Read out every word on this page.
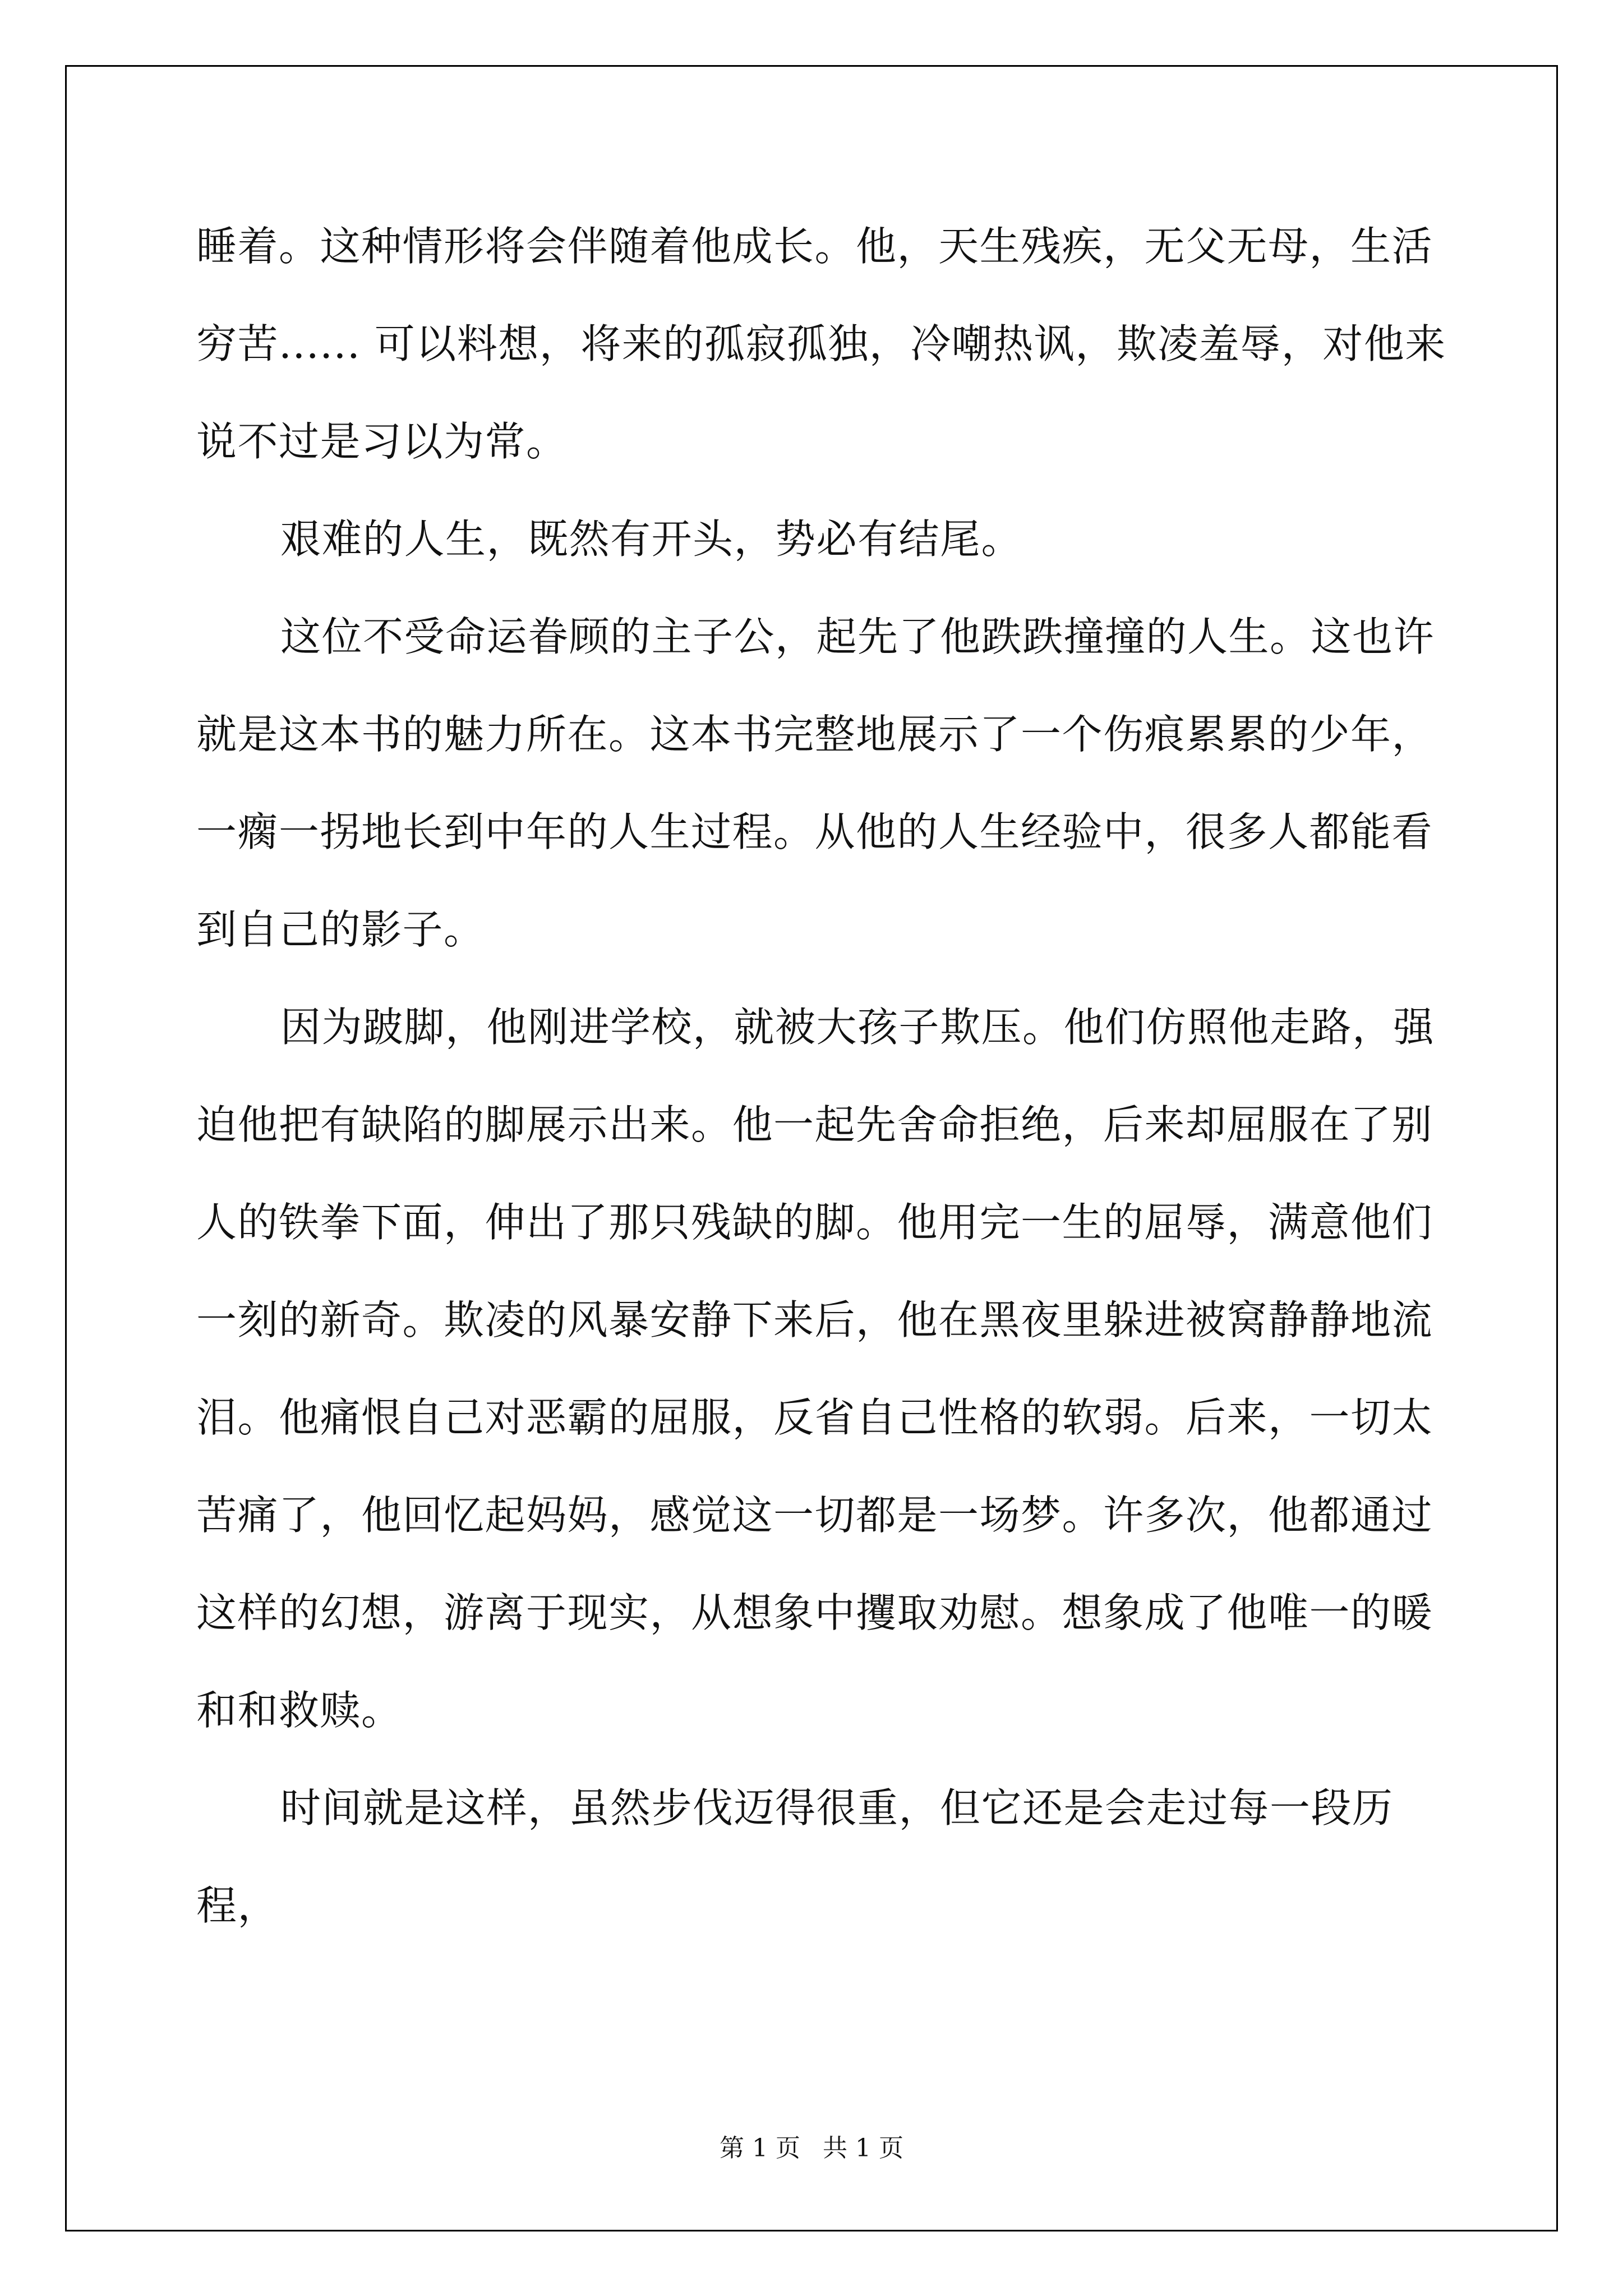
睡着。这种情形将会伴随着他成长。他，天生残疾，无父无母，生活穷苦...... 可以料想，将来的孤寂孤独，冷嘲热讽，欺凌羞辱，对他来说不过是习以为常。

艰难的人生，既然有开头，势必有结尾。

这位不受命运眷顾的主子公，起先了他跌跌撞撞的人生。这也许就是这本书的魅力所在。这本书完整地展示了一个伤痕累累的少年，一瘸一拐地长到中年的人生过程。从他的人生经验中，很多人都能看到自己的影子。

因为跛脚，他刚进学校，就被大孩子欺压。他们仿照他走路，强迫他把有缺陷的脚展示出来。他一起先舍命拒绝，后来却屈服在了别人的铁拳下面，伸出了那只残缺的脚。他用完一生的屈辱，满意他们一刻的新奇。欺凌的风暴安静下来后，他在黑夜里躲进被窝静静地流泪。他痛恨自己对恶霸的屈服，反省自己性格的软弱。后来，一切太苦痛了，他回忆起妈妈，感觉这一切都是一场梦。许多次，他都通过这样的幻想，游离于现实，从想象中攫取劝慰。想象成了他唯一的暖和和救赎。

时间就是这样，虽然步伐迈得很重，但它还是会走过每一段历程，

第 1 页 共 1 页
